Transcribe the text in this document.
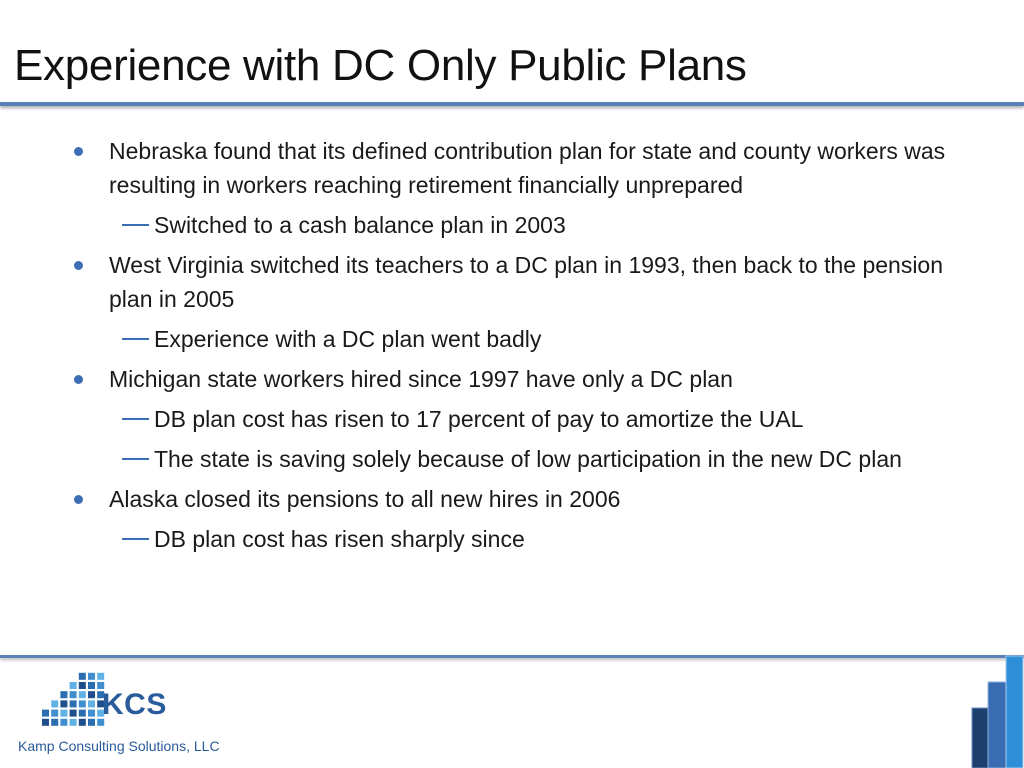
Experience with DC Only Public Plans
Nebraska found that its defined contribution plan for state and county workers was resulting in workers reaching retirement financially unprepared
Switched to a cash balance plan in 2003
West Virginia switched its teachers to a DC plan in 1993, then back to the pension plan in 2005
Experience with a DC plan went badly
Michigan state workers hired since 1997 have only a DC plan
DB plan cost has risen to 17 percent of pay to amortize the UAL
The state is saving solely because of low participation in the new DC plan
Alaska closed its pensions to all new hires in 2006
DB plan cost has risen sharply since
KCS
Kamp Consulting Solutions, LLC
